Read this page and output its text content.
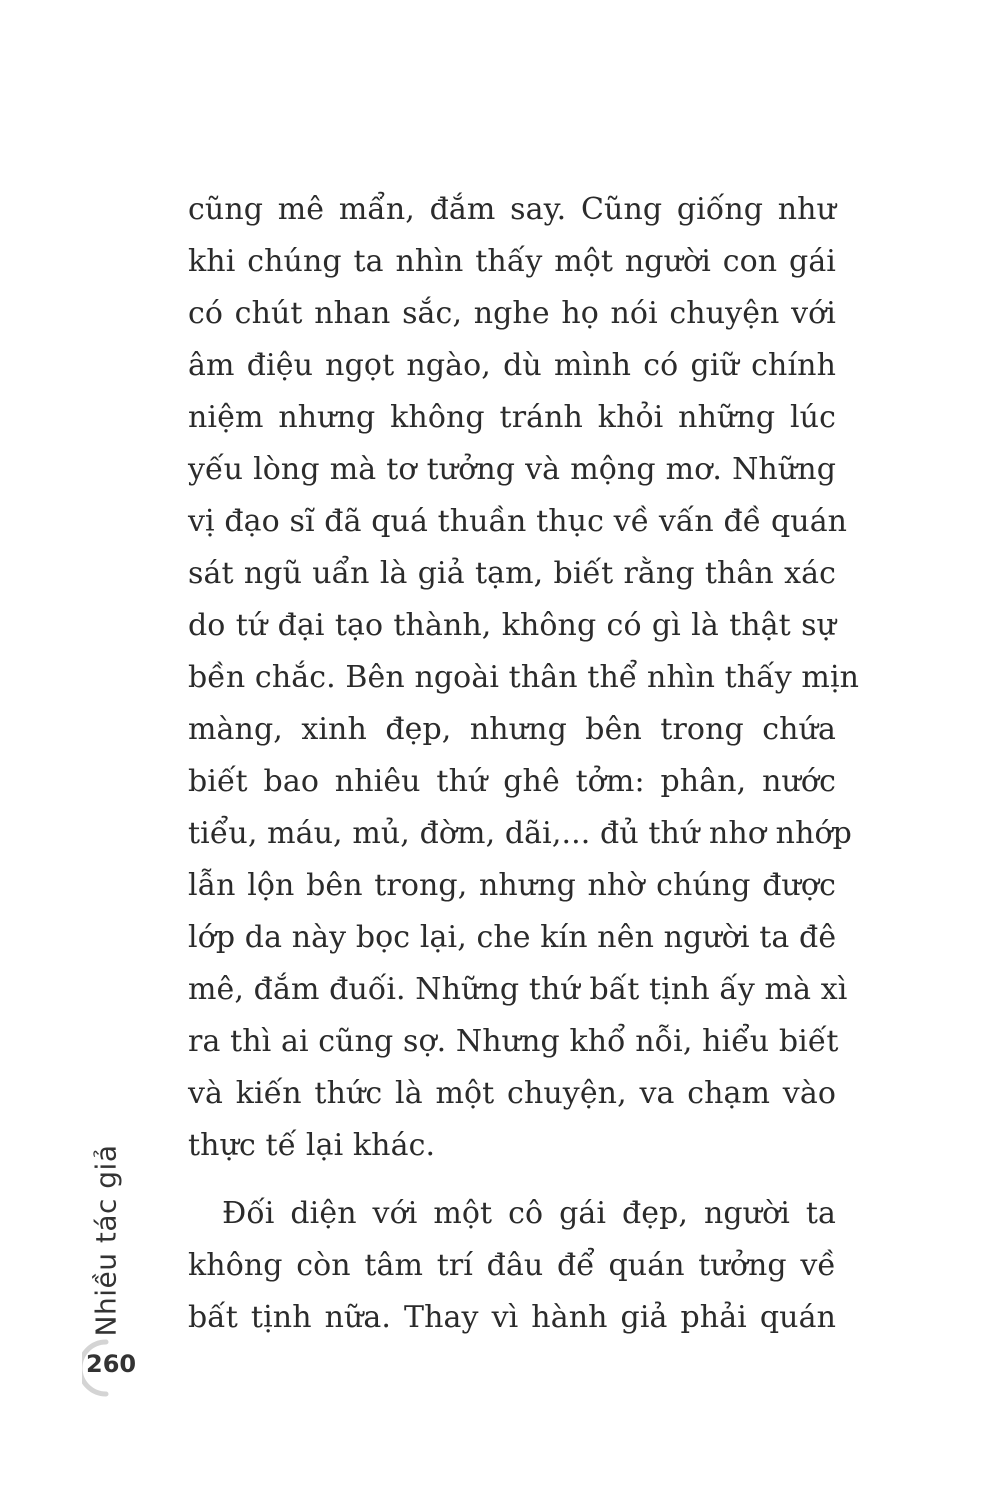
cũng mê mẩn, đắm say. Cũng giống như
khi chúng ta nhìn thấy một người con gái
có chút nhan sắc, nghe họ nói chuyện với
âm điệu ngọt ngào, dù mình có giữ chính
niệm nhưng không tránh khỏi những lúc
yếu lòng mà tơ tưởng và mộng mơ. Những
vị đạo sĩ đã quá thuần thục về vấn đề quán
sát ngũ uẩn là giả tạm, biết rằng thân xác
do tứ đại tạo thành, không có gì là thật sự
bền chắc. Bên ngoài thân thể nhìn thấy mịn
màng, xinh đẹp, nhưng bên trong chứa
biết bao nhiêu thứ ghê tởm: phân, nước
tiểu, máu, mủ, đờm, dãi,... đủ thứ nhơ nhớp
lẫn lộn bên trong, nhưng nhờ chúng được
lớp da này bọc lại, che kín nên người ta đê
mê, đắm đuối. Những thứ bất tịnh ấy mà xì
ra thì ai cũng sợ. Nhưng khổ nỗi, hiểu biết
và kiến thức là một chuyện, va chạm vào
thực tế lại khác.
Đối diện với một cô gái đẹp, người ta
không còn tâm trí đâu để quán tưởng về
bất tịnh nữa. Thay vì hành giả phải quán
Nhiều tác giả
260
